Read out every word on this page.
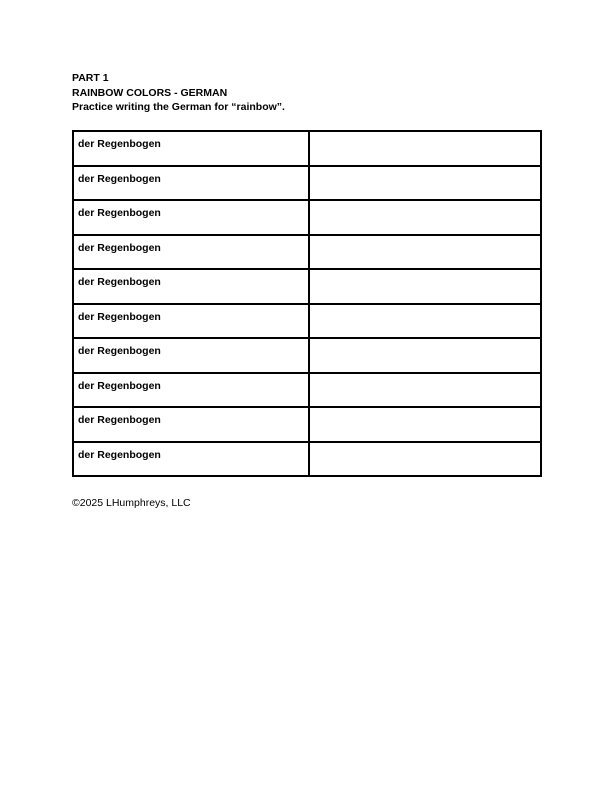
PART 1
RAINBOW COLORS - GERMAN
Practice writing the German for “rainbow”.
der Regenbogen	

der Regenbogen	

der Regenbogen	

der Regenbogen	

der Regenbogen	

der Regenbogen	

der Regenbogen	

der Regenbogen	

der Regenbogen	

der Regenbogen	

©2025 LHumphreys, LLC
